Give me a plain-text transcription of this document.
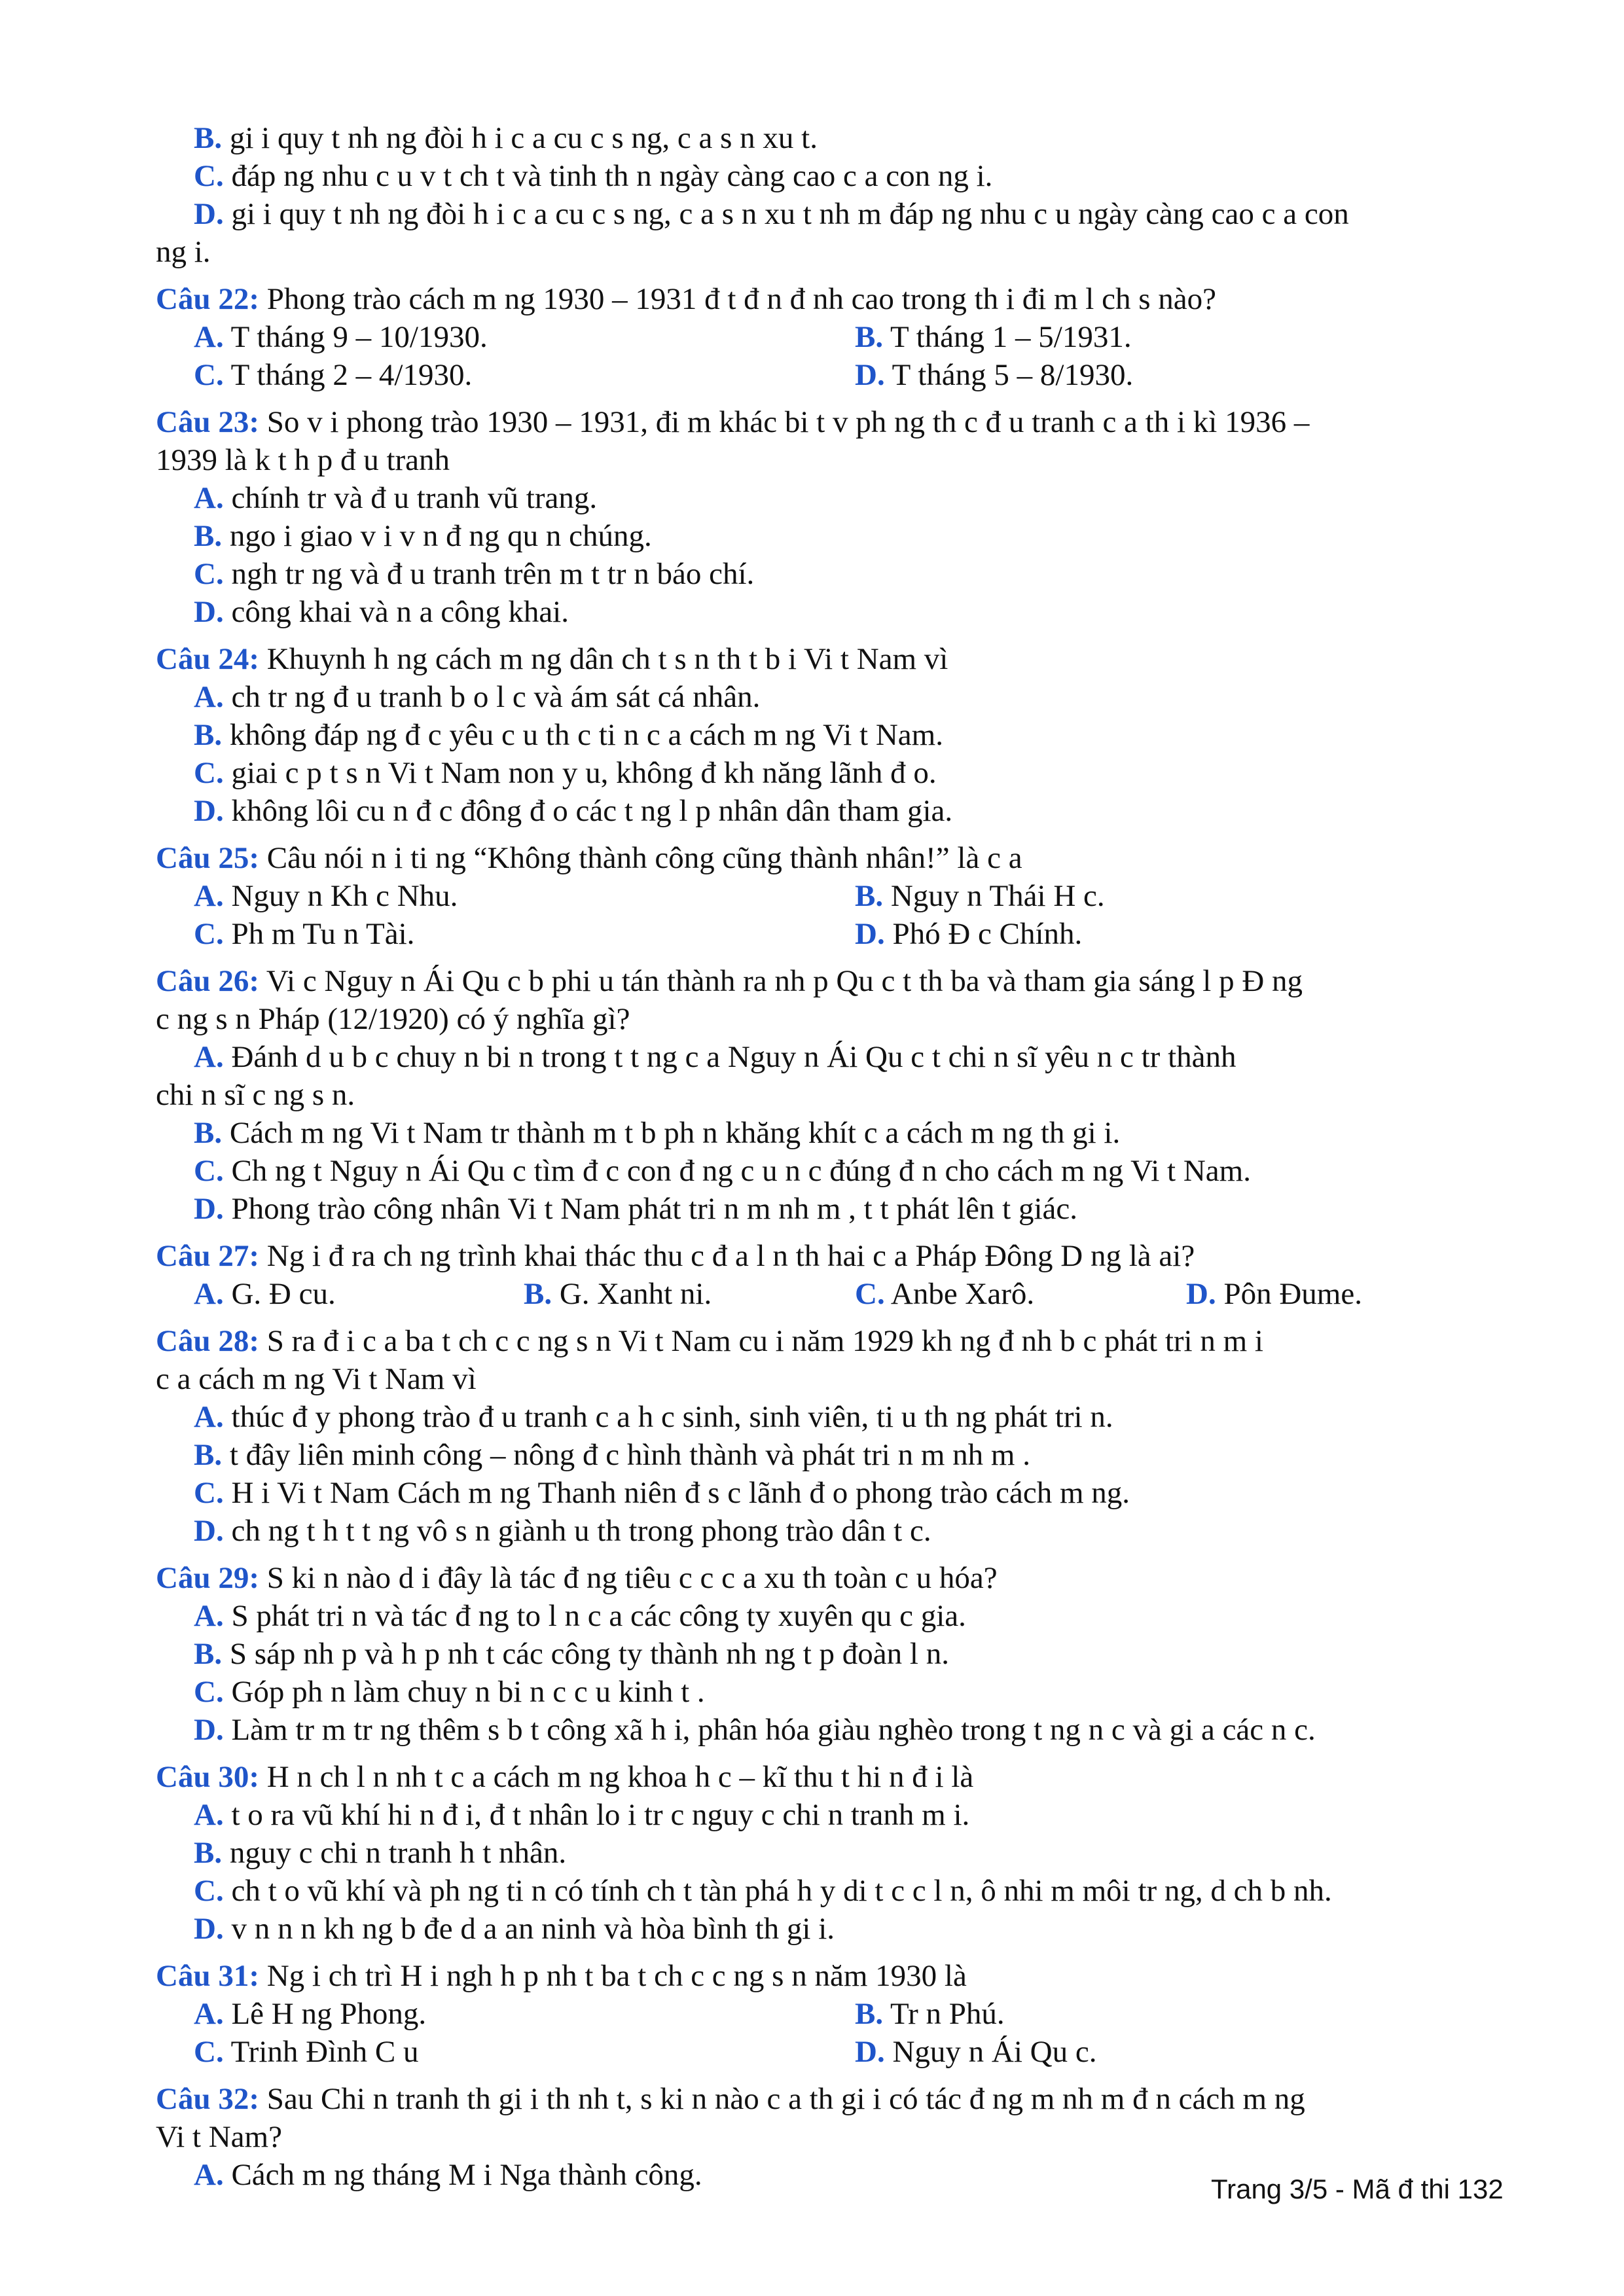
B. gi i quy t nh ng đòi h i c a cu c s ng, c a s n xu t.
C. đáp ng nhu c u v t ch t và tinh th n ngày càng cao c a con ng i.
D. gi i quy t nh ng đòi h i c a cu c s ng, c a s n xu t nh m đáp ng nhu c u ngày càng cao c a con
ng i.
Câu 22: Phong trào cách m ng 1930 – 1931 đ t đ n đ nh cao trong th i đi m l ch s nào?
A. T tháng 9 – 10/1930.	B. T tháng 1 – 5/1931.
C. T tháng 2 – 4/1930.	D. T tháng 5 – 8/1930.
Câu 23: So v i phong trào 1930 – 1931, đi m khác bi t v ph ng th c đ u tranh c a th i kì 1936 –
1939 là k t h p đ u tranh
A. chính tr và đ u tranh vũ trang.
B. ngo i giao v i v n đ ng qu n chúng.
C. ngh tr ng và đ u tranh trên m t tr n báo chí.
D. công khai và n a công khai.
Câu 24: Khuynh h ng cách m ng dân ch t s n th t b i Vi t Nam vì
A. ch tr ng đ u tranh b o l c và ám sát cá nhân.
B. không đáp ng đ c yêu c u th c ti n c a cách m ng Vi t Nam.
C. giai c p t s n Vi t Nam non y u, không đ kh năng lãnh đ o.
D. không lôi cu n đ c đông đ o các t ng l p nhân dân tham gia.
Câu 25: Câu nói n i ti ng “Không thành công cũng thành nhân!” là c a
A. Nguy n Kh c Nhu.	B. Nguy n Thái H c.
C. Ph m Tu n Tài.	D. Phó Đ c Chính.
Câu 26: Vi c Nguy n Ái Qu c b phi u tán thành ra nh p Qu c t th ba và tham gia sáng l p Đ ng
c ng s n Pháp (12/1920) có ý nghĩa gì?
A. Đánh d u b c chuy n bi n trong t t ng c a Nguy n Ái Qu c t chi n sĩ yêu n c tr thành
chi n sĩ c ng s n.
B. Cách m ng Vi t Nam tr thành m t b ph n khăng khít c a cách m ng th gi i.
C. Ch ng t Nguy n Ái Qu c tìm đ c con đ ng c u n c đúng đ n cho cách m ng Vi t Nam.
D. Phong trào công nhân Vi t Nam phát tri n m nh m , t t phát lên t giác.
Câu 27: Ng i đ ra ch ng trình khai thác thu c đ a l n th hai c a Pháp Đông D ng là ai?
A. G. Đ cu.	B. G. Xanht ni.	C. Anbe Xarô.	D. Pôn Đume.
Câu 28: S ra đ i c a ba t ch c c ng s n Vi t Nam cu i năm 1929 kh ng đ nh b c phát tri n m i
c a cách m ng Vi t Nam vì
A. thúc đ y phong trào đ u tranh c a h c sinh, sinh viên, ti u th ng phát tri n.
B. t đây liên minh công – nông đ c hình thành và phát tri n m nh m .
C. H i Vi t Nam Cách m ng Thanh niên đ s c lãnh đ o phong trào cách m ng.
D. ch ng t h t t ng vô s n giành u th trong phong trào dân t c.
Câu 29: S ki n nào d i đây là tác đ ng tiêu c c c a xu th toàn c u hóa?
A. S phát tri n và tác đ ng to l n c a các công ty xuyên qu c gia.
B. S sáp nh p và h p nh t các công ty thành nh ng t p đoàn l n.
C. Góp ph n làm chuy n bi n c c u kinh t .
D. Làm tr m tr ng thêm s b t công xã h i, phân hóa giàu nghèo trong t ng n c và gi a các n c.
Câu 30: H n ch l n nh t c a cách m ng khoa h c – kĩ thu t hi n đ i là
A. t o ra vũ khí hi n đ i, đ t nhân lo i tr c nguy c chi n tranh m i.
B. nguy c chi n tranh h t nhân.
C. ch t o vũ khí và ph ng ti n có tính ch t tàn phá h y di t c c l n, ô nhi m môi tr ng, d ch b nh.
D. v n n n kh ng b đe d a an ninh và hòa bình th gi i.
Câu 31: Ng i ch trì H i ngh h p nh t ba t ch c c ng s n năm 1930 là
A. Lê H ng Phong.	B. Tr n Phú.
C. Trinh Đình C u	D. Nguy n Ái Qu c.
Câu 32: Sau Chi n tranh th gi i th nh t, s ki n nào c a th gi i có tác đ ng m nh m đ n cách m ng
Vi t Nam?
A. Cách m ng tháng M i Nga thành công.	Trang 3/5 - Mã đ thi 132
